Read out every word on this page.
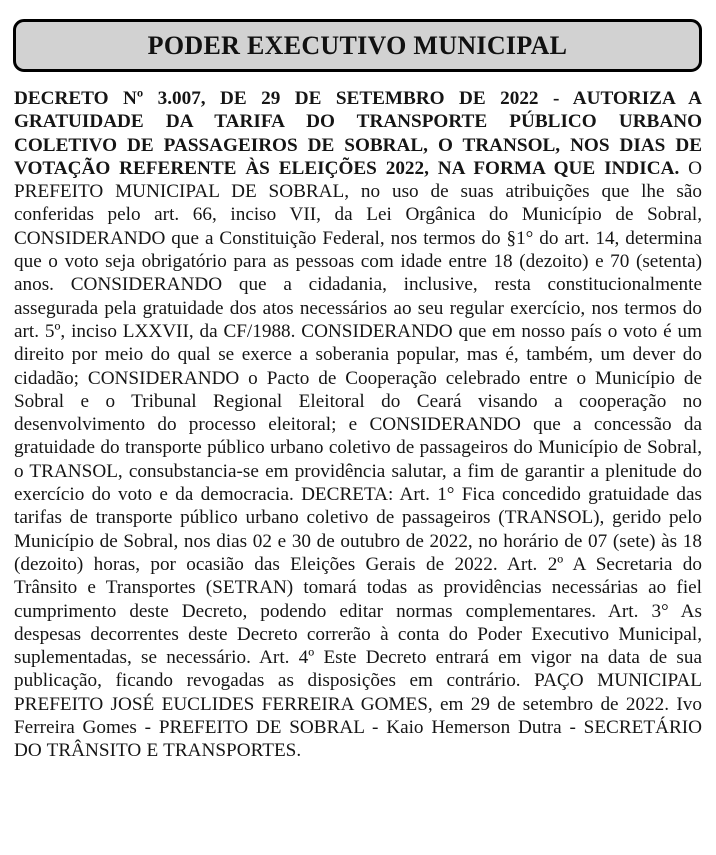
PODER EXECUTIVO MUNICIPAL

DECRETO Nº 3.007, DE 29 DE SETEMBRO DE 2022 - AUTORIZA A GRATUIDADE DA TARIFA DO TRANSPORTE PÚBLICO URBANO COLETIVO DE PASSAGEIROS DE SOBRAL, O TRANSOL, NOS DIAS DE VOTAÇÃO REFERENTE ÀS ELEIÇÕES 2022, NA FORMA QUE INDICA. O PREFEITO MUNICIPAL DE SOBRAL, no uso de suas atribuições que lhe são conferidas pelo art. 66, inciso VII, da Lei Orgânica do Município de Sobral, CONSIDERANDO que a Constituição Federal, nos termos do §1° do art. 14, determina que o voto seja obrigatório para as pessoas com idade entre 18 (dezoito) e 70 (setenta) anos. CONSIDERANDO que a cidadania, inclusive, resta constitucionalmente assegurada pela gratuidade dos atos necessários ao seu regular exercício, nos termos do art. 5º, inciso LXXVII, da CF/1988. CONSIDERANDO que em nosso país o voto é um direito por meio do qual se exerce a soberania popular, mas é, também, um dever do cidadão; CONSIDERANDO o Pacto de Cooperação celebrado entre o Município de Sobral e o Tribunal Regional Eleitoral do Ceará visando a cooperação no desenvolvimento do processo eleitoral; e CONSIDERANDO que a concessão da gratuidade do transporte público urbano coletivo de passageiros do Município de Sobral, o TRANSOL, consubstancia-se em providência salutar, a fim de garantir a plenitude do exercício do voto e da democracia. DECRETA: Art. 1° Fica concedido gratuidade das tarifas de transporte público urbano coletivo de passageiros (TRANSOL), gerido pelo Município de Sobral, nos dias 02 e 30 de outubro de 2022, no horário de 07 (sete) às 18 (dezoito) horas, por ocasião das Eleições Gerais de 2022. Art. 2º A Secretaria do Trânsito e Transportes (SETRAN) tomará todas as providências necessárias ao fiel cumprimento deste Decreto, podendo editar normas complementares. Art. 3° As despesas decorrentes deste Decreto correrão à conta do Poder Executivo Municipal, suplementadas, se necessário. Art. 4º Este Decreto entrará em vigor na data de sua publicação, ficando revogadas as disposições em contrário. PAÇO MUNICIPAL PREFEITO JOSÉ EUCLIDES FERREIRA GOMES, em 29 de setembro de 2022. Ivo Ferreira Gomes - PREFEITO DE SOBRAL - Kaio Hemerson Dutra - SECRETÁRIO DO TRÂNSITO E TRANSPORTES.
